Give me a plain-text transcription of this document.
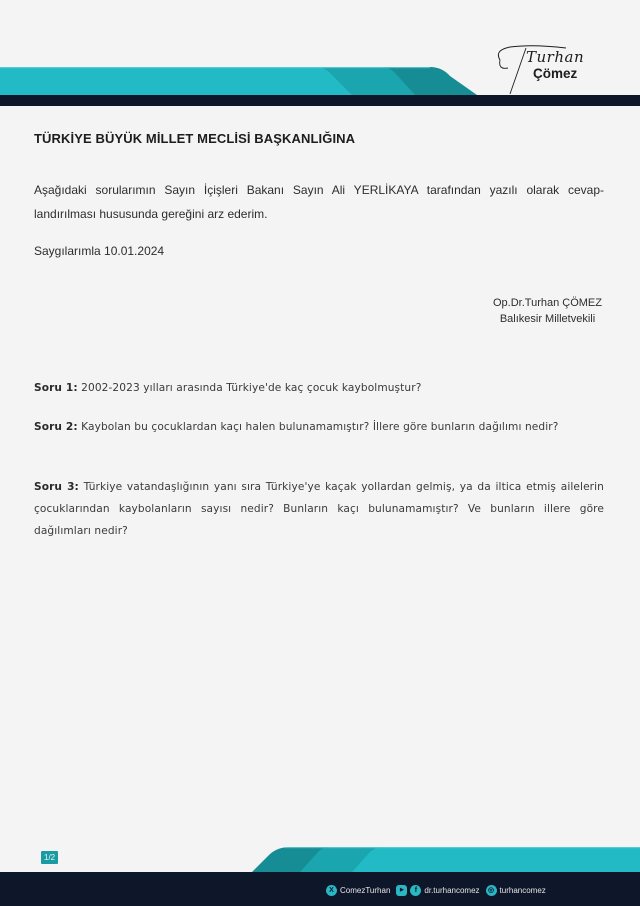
Turhan
Çömez
TÜRKİYE BÜYÜK MİLLET MECLİSİ BAŞKANLIĞINA
Aşağıdaki sorularımın Sayın İçişleri Bakanı Sayın Ali YERLİKAYA tarafından yazılı olarak cevap-landırılması hususunda gereğini arz ederim.
Saygılarımla 10.01.2024
Op.Dr.Turhan ÇÖMEZ
Balıkesir Milletvekili
Soru 1: 2002-2023 yılları arasında Türkiye'de kaç çocuk kaybolmuştur?
Soru 2: Kaybolan bu çocuklardan kaçı halen bulunamamıştır? İllere göre bunların dağılımı nedir?
Soru 3: Türkiye vatandaşlığının yanı sıra Türkiye'ye kaçak yollardan gelmiş, ya da iltica etmiş ailelerin çocuklarından kaybolanların sayısı nedir? Bunların kaçı bulunamamıştır? Ve bunların illere göre dağılımları nedir?
1/2
X ComezTurhan	▶	f dr.turhancomez	◎ turhancomez
